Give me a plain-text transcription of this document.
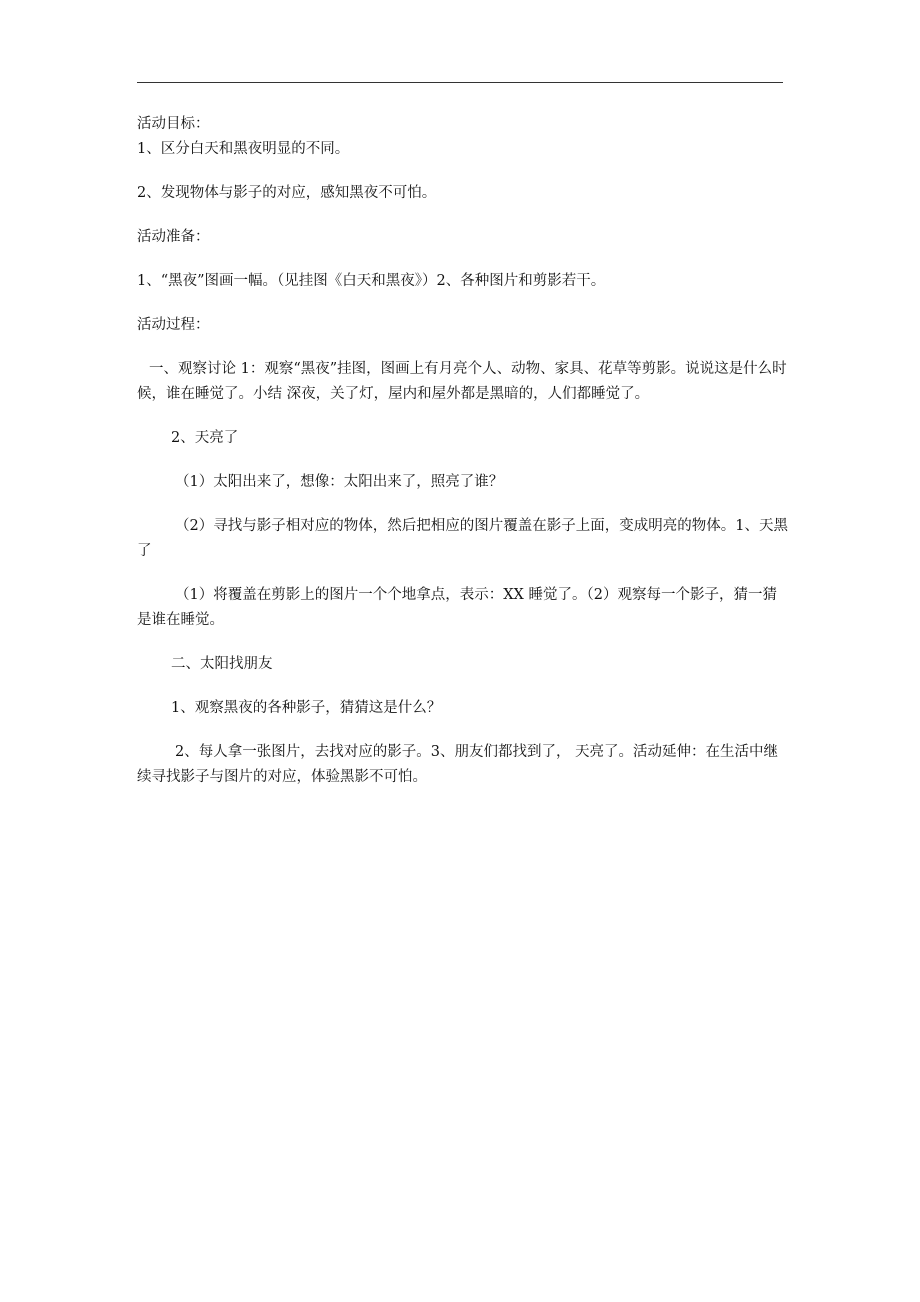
活动目标：

1、区分白天和黑夜明显的不同。

2、发现物体与影子的对应，感知黑夜不可怕。

活动准备：

1、“黑夜”图画一幅。（见挂图《白天和黑夜》）2、各种图片和剪影若干。

活动过程：

一、观察讨论 1：观察“黑夜”挂图，图画上有月亮个人、动物、家具、花草等剪影。说说这是什么时候，谁在睡觉了。小结 深夜，关了灯，屋内和屋外都是黑暗的，人们都睡觉了。

2、天亮了

（1）太阳出来了，想像：太阳出来了，照亮了谁？

（2）寻找与影子相对应的物体，然后把相应的图片覆盖在影子上面，变成明亮的物体。1、天黑了

（1）将覆盖在剪影上的图片一个个地拿点，表示：XX 睡觉了。（2）观察每一个影子，猜一猜是谁在睡觉。

二、太阳找朋友

1、观察黑夜的各种影子，猜猜这是什么？

2、每人拿一张图片，去找对应的影子。3、朋友们都找到了， 天亮了。活动延伸：在生活中继续寻找影子与图片的对应，体验黑影不可怕。
